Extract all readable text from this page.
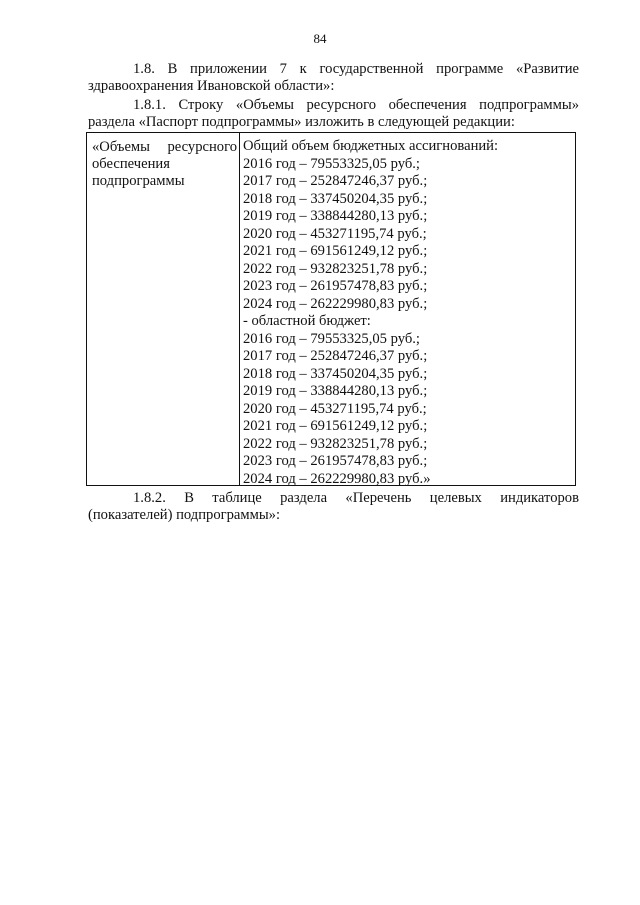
84
1.8. В приложении 7 к государственной программе «Развитие
здравоохранения Ивановской области»:
1.8.1. Строку «Объемы ресурсного обеспечения подпрограммы»
раздела «Паспорт подпрограммы» изложить в следующей редакции:
«Объемы ресурсного
обеспечения
подпрограммы
Общий объем бюджетных ассигнований:
2016 год – 79553325,05 руб.;
2017 год – 252847246,37 руб.;
2018 год – 337450204,35 руб.;
2019 год – 338844280,13 руб.;
2020 год – 453271195,74 руб.;
2021 год – 691561249,12 руб.;
2022 год – 932823251,78 руб.;
2023 год – 261957478,83 руб.;
2024 год – 262229980,83 руб.;
- областной бюджет:
2016 год – 79553325,05 руб.;
2017 год – 252847246,37 руб.;
2018 год – 337450204,35 руб.;
2019 год – 338844280,13 руб.;
2020 год – 453271195,74 руб.;
2021 год – 691561249,12 руб.;
2022 год – 932823251,78 руб.;
2023 год – 261957478,83 руб.;
2024 год – 262229980,83 руб.»
1.8.2. В таблице раздела «Перечень целевых индикаторов
(показателей) подпрограммы»:
